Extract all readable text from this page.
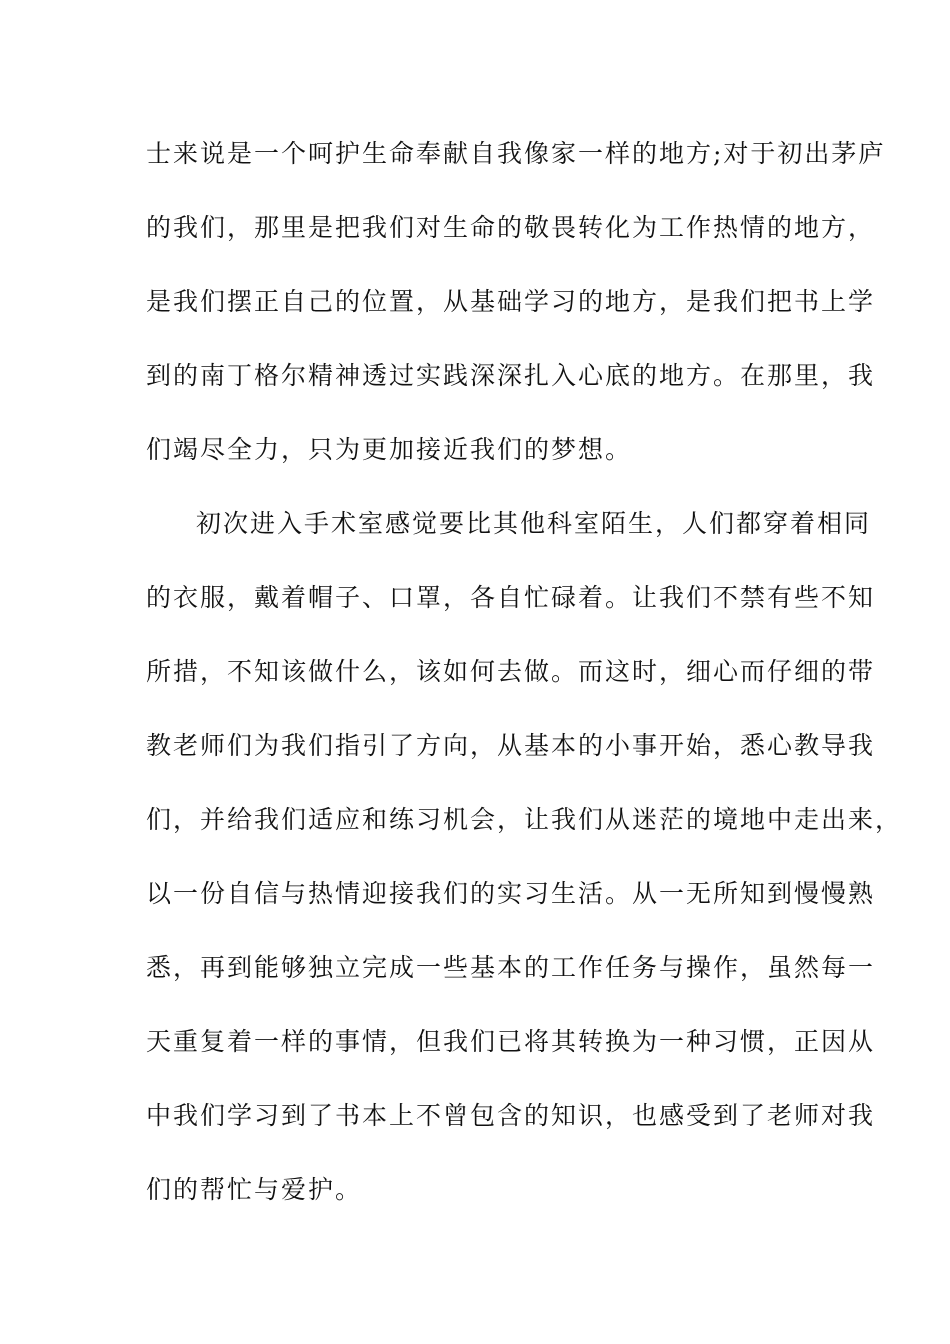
士来说是一个呵护生命奉献自我像家一样的地方;对于初出茅庐
的我们，那里是把我们对生命的敬畏转化为工作热情的地方，
是我们摆正自己的位置，从基础学习的地方，是我们把书上学
到的南丁格尔精神透过实践深深扎入心底的地方。在那里，我
们竭尽全力，只为更加接近我们的梦想。
初次进入手术室感觉要比其他科室陌生，人们都穿着相同
的衣服，戴着帽子、口罩，各自忙碌着。让我们不禁有些不知
所措，不知该做什么，该如何去做。而这时，细心而仔细的带
教老师们为我们指引了方向，从基本的小事开始，悉心教导我
们，并给我们适应和练习机会，让我们从迷茫的境地中走出来，
以一份自信与热情迎接我们的实习生活。从一无所知到慢慢熟
悉，再到能够独立完成一些基本的工作任务与操作，虽然每一
天重复着一样的事情，但我们已将其转换为一种习惯，正因从
中我们学习到了书本上不曾包含的知识，也感受到了老师对我
们的帮忙与爱护。
